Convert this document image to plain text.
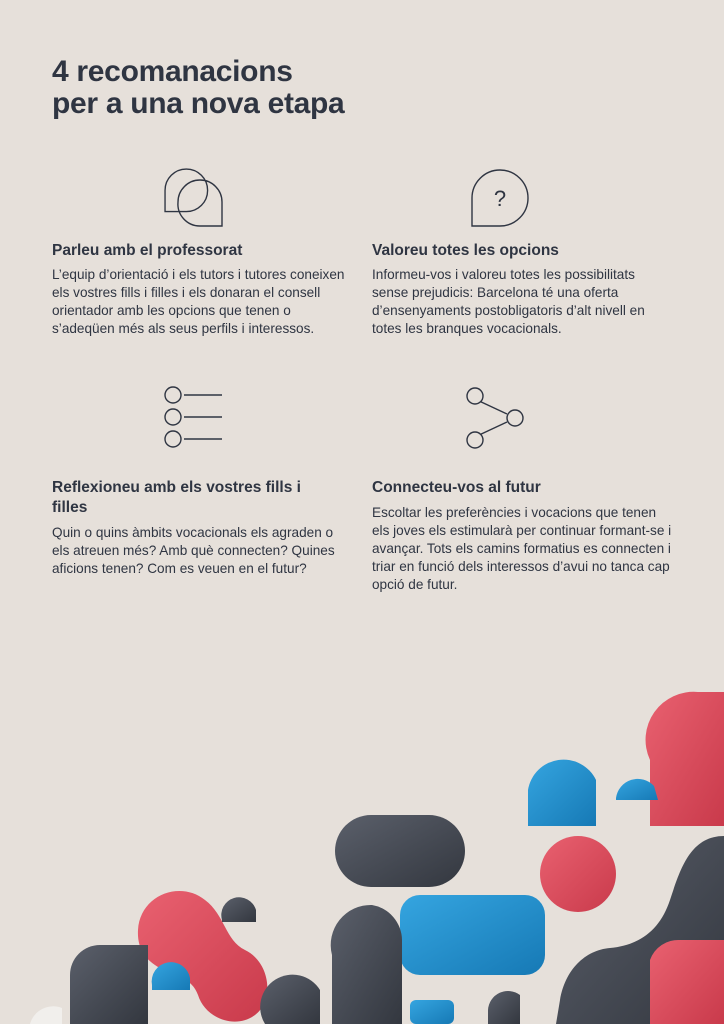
4 recomanacions
per a una nova etapa
Parleu amb el professorat

L’equip d’orientació i els tutors i tutores coneixen els vostres fills i filles i els donaran el consell orientador amb les opcions que tenen o s’adeqüen més als seus perfils i interessos.

?
Valoreu totes les opcions

Informeu-vos i valoreu totes les possibilitats sense prejudicis: Barcelona té una oferta d’ensenyaments postobligatoris d’alt nivell en totes les branques vocacionals.

Reflexioneu amb els vostres fills i filles

Quin o quins àmbits vocacionals els agraden o els atreuen més? Amb què connecten? Quines aficions tenen? Com es veuen en el futur?

Connecteu-vos al futur

Escoltar les preferències i vocacions que tenen els joves els estimularà per continuar formant-se i avançar. Tots els camins formatius es connecten i triar en funció dels interessos d’avui no tanca cap opció de futur.
